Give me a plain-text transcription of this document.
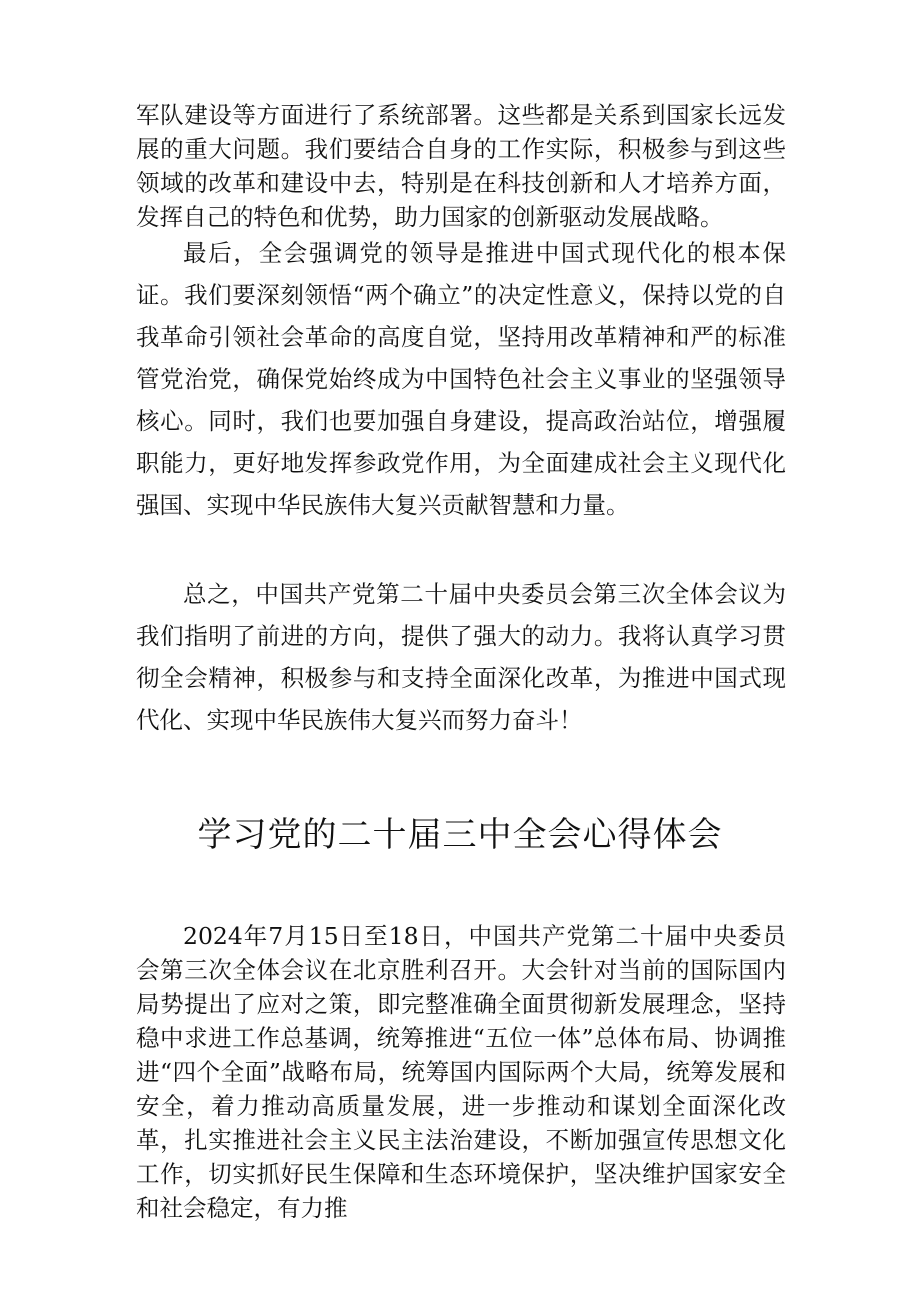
军队建设等方面进行了系统部署。这些都是关系到国家长远发展的重大问题。我们要结合自身的工作实际，积极参与到这些领域的改革和建设中去，特别是在科技创新和人才培养方面，发挥自己的特色和优势，助力国家的创新驱动发展战略。

最后，全会强调党的领导是推进中国式现代化的根本保证。我们要深刻领悟“两个确立”的决定性意义，保持以党的自我革命引领社会革命的高度自觉，坚持用改革精神和严的标准管党治党，确保党始终成为中国特色社会主义事业的坚强领导核心。同时，我们也要加强自身建设，提高政治站位，增强履职能力，更好地发挥参政党作用，为全面建成社会主义现代化强国、实现中华民族伟大复兴贡献智慧和力量。

总之，中国共产党第二十届中央委员会第三次全体会议为我们指明了前进的方向，提供了强大的动力。我将认真学习贯彻全会精神，积极参与和支持全面深化改革，为推进中国式现代化、实现中华民族伟大复兴而努力奋斗！

学习党的二十届三中全会心得体会

2024年7月15日至18日，中国共产党第二十届中央委员会第三次全体会议在北京胜利召开。大会针对当前的国际国内局势提出了应对之策，即完整准确全面贯彻新发展理念，坚持稳中求进工作总基调，统筹推进“五位一体”总体布局、协调推进“四个全面”战略布局，统筹国内国际两个大局，统筹发展和安全，着力推动高质量发展，进一步推动和谋划全面深化改革，扎实推进社会主义民主法治建设，不断加强宣传思想文化工作，切实抓好民生保障和生态环境保护，坚决维护国家安全和社会稳定，有力推
